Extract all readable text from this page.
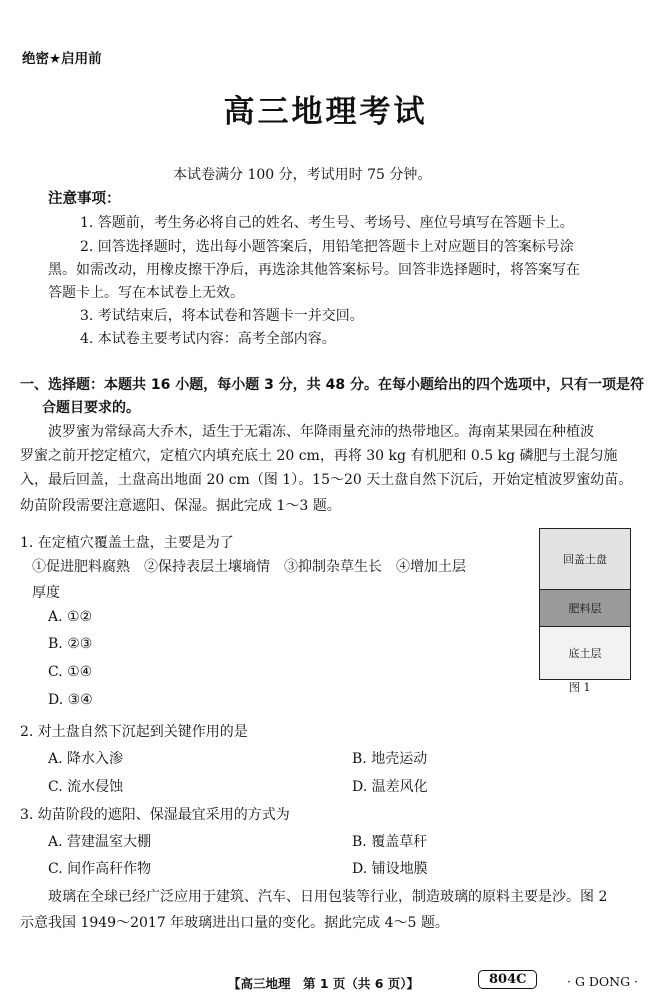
绝密★启用前
高三地理考试
本试卷满分 100 分，考试用时 75 分钟。
注意事项：
1. 答题前，考生务必将自己的姓名、考生号、考场号、座位号填写在答题卡上。
2. 回答选择题时，选出每小题答案后，用铅笔把答题卡上对应题目的答案标号涂
黑。如需改动，用橡皮擦干净后，再选涂其他答案标号。回答非选择题时，将答案写在
答题卡上。写在本试卷上无效。
3. 考试结束后，将本试卷和答题卡一并交回。
4. 本试卷主要考试内容：高考全部内容。
一、选择题：本题共 16 小题，每小题 3 分，共 48 分。在每小题给出的四个选项中，只有一项是符
合题目要求的。
波罗蜜为常绿高大乔木，适生于无霜冻、年降雨量充沛的热带地区。海南某果园在种植波
罗蜜之前开挖定植穴，定植穴内填充底土 20 cm，再将 30 kg 有机肥和 0.5 kg 磷肥与土混匀施
入，最后回盖，土盘高出地面 20 cm（图 1）。15～20 天土盘自然下沉后，开始定植波罗蜜幼苗。
幼苗阶段需要注意遮阳、保湿。据此完成 1～3 题。
1. 在定植穴覆盖土盘，主要是为了
①促进肥料腐熟　②保持表层土壤墒情　③抑制杂草生长　④增加土层
厚度
A. ①②
B. ②③
C. ①④
D. ③④
回盖土盘
肥料层
底土层
图 1
2. 对土盘自然下沉起到关键作用的是
A. 降水入渗	B. 地壳运动
C. 流水侵蚀	D. 温差风化
3. 幼苗阶段的遮阳、保湿最宜采用的方式为
A. 营建温室大棚	B. 覆盖草秆
C. 间作高秆作物	D. 铺设地膜
玻璃在全球已经广泛应用于建筑、汽车、日用包装等行业，制造玻璃的原料主要是沙。图 2
示意我国 1949～2017 年玻璃进出口量的变化。据此完成 4～5 题。
【高三地理　第 1 页（共 6 页）】	804C	· G DONG ·
